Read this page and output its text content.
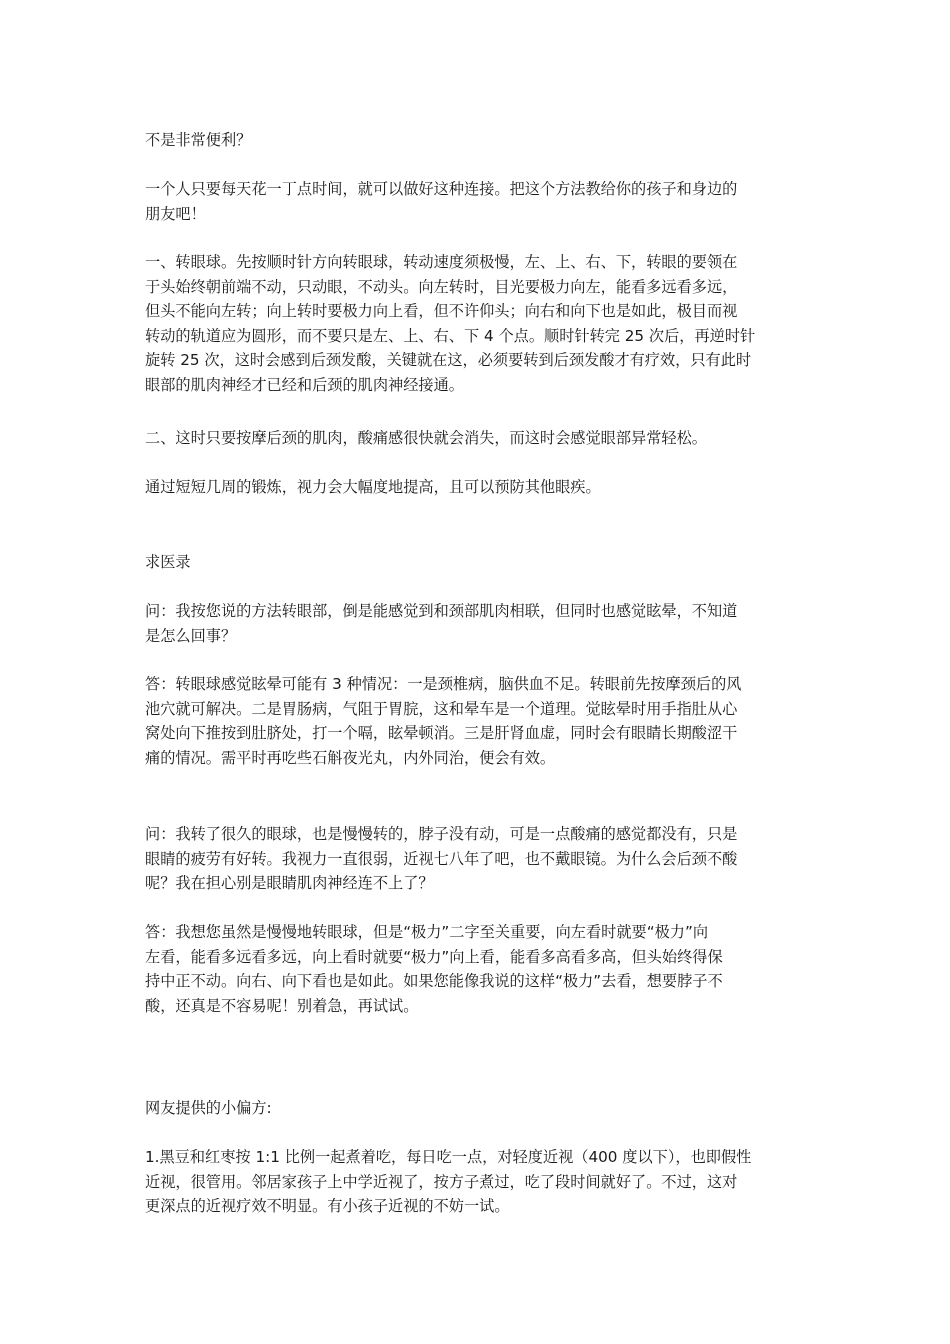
不是非常便利？
一个人只要每天花一丁点时间，就可以做好这种连接。把这个方法教给你的孩子和身边的
朋友吧！
一、转眼球。先按顺时针方向转眼球，转动速度须极慢，左、上、右、下，转眼的要领在
于头始终朝前端不动，只动眼，不动头。向左转时，目光要极力向左，能看多远看多远，
但头不能向左转；向上转时要极力向上看，但不许仰头；向右和向下也是如此，极目而视
转动的轨道应为圆形，而不要只是左、上、右、下 4 个点。顺时针转完 25 次后，再逆时针
旋转 25 次，这时会感到后颈发酸，关键就在这，必须要转到后颈发酸才有疗效，只有此时
眼部的肌肉神经才已经和后颈的肌肉神经接通。
二、这时只要按摩后颈的肌肉，酸痛感很快就会消失，而这时会感觉眼部异常轻松。
通过短短几周的锻炼，视力会大幅度地提高，且可以预防其他眼疾。
求医录
问：我按您说的方法转眼部，倒是能感觉到和颈部肌肉相联，但同时也感觉眩晕，不知道
是怎么回事？
答：转眼球感觉眩晕可能有 3 种情况：一是颈椎病，脑供血不足。转眼前先按摩颈后的风
池穴就可解决。二是胃肠病，气阻于胃脘，这和晕车是一个道理。觉眩晕时用手指肚从心
窝处向下推按到肚脐处，打一个嗝，眩晕顿消。三是肝肾血虚，同时会有眼睛长期酸涩干
痛的情况。需平时再吃些石斛夜光丸，内外同治，便会有效。
问：我转了很久的眼球，也是慢慢转的，脖子没有动，可是一点酸痛的感觉都没有，只是
眼睛的疲劳有好转。我视力一直很弱，近视七八年了吧，也不戴眼镜。为什么会后颈不酸
呢？我在担心别是眼睛肌肉神经连不上了？
答：我想您虽然是慢慢地转眼球，但是“极力”二字至关重要，向左看时就要“极力”向
左看，能看多远看多远，向上看时就要“极力”向上看，能看多高看多高，但头始终得保
持中正不动。向右、向下看也是如此。如果您能像我说的这样“极力”去看，想要脖子不
酸，还真是不容易呢！别着急，再试试。
网友提供的小偏方:
1.黑豆和红枣按 1:1 比例一起煮着吃，每日吃一点，对轻度近视（400 度以下），也即假性
近视，很管用。邻居家孩子上中学近视了，按方子煮过，吃了段时间就好了。不过，这对
更深点的近视疗效不明显。有小孩子近视的不妨一试。
